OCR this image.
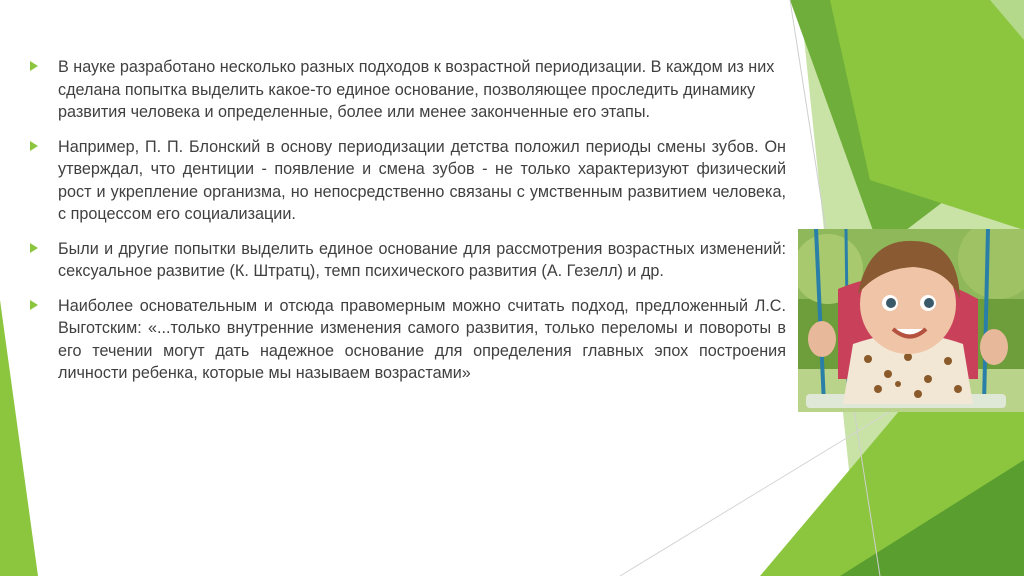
В науке разработано несколько разных подходов к возрастной периодизации. В каждом из них сделана попытка выделить какое-то единое основание, позволяющее проследить динамику развития человека и определенные, более или менее законченные его этапы.
Например, П. П. Блонский в основу периодизации детства положил периоды смены зубов. Он утверждал, что дентиции - появление и смена зубов - не только характеризуют физический рост и укрепление организма, но непосредственно связаны с умственным развитием человека, с процессом его социализации.
Были и другие попытки выделить единое основание для рассмотрения возрастных изменений: сексуальное развитие (К. Штратц), темп психического развития (А. Гезелл) и др.
Наиболее основательным и отсюда правомерным можно считать подход, предложенный Л.С. Выготским: «...только внутренние изменения самого развития, только переломы и повороты в его течении могут дать надежное основание для определения главных эпох построения личности ребенка, которые мы называем возрастами»
